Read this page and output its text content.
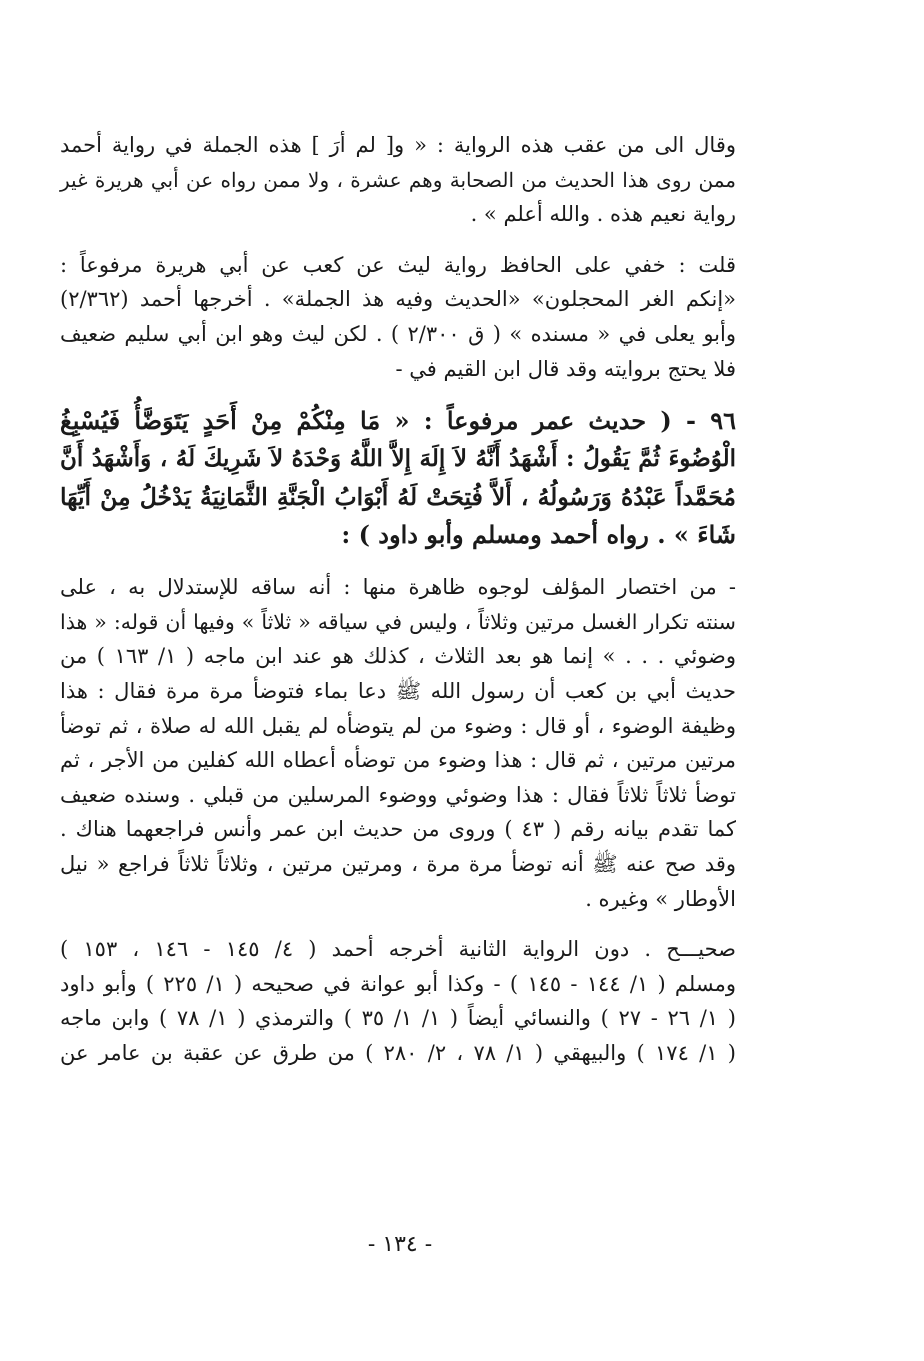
وقال الى من عقب هذه الرواية : « و[ لم أرَ ] هذه الجملة في رواية أحمد
ممن روى هذا الحديث من الصحابة وهم عشرة ، ولا ممن رواه عن أبي هريرة غير
رواية نعيم هذه . والله أعلم » .

قلت : خفي على الحافظ رواية ليث عن كعب عن أبي هريرة مرفوعاً :
«إنكم الغر المحجلون» «الحديث وفيه هذ الجملة» . أخرجها أحمد (٢/٣٦٢)
وأبو يعلى في « مسنده » ( ق ٢/٣٠٠ ) . لكن ليث وهو ابن أبي سليم ضعيف
فلا يحتج بروايته وقد قال ابن القيم في -

٩٦ - ( حديث عمر مرفوعاً : « مَا مِنْكُمْ مِنْ أَحَدٍ يَتَوَضَّأُ فَيُسْبِغُ
الْوُضُوءَ ثُمَّ يَقُولُ : أَشْهَدُ أَنَّهُ لاَ إِلَهَ إِلاَّ اللَّهُ وَحْدَهُ لاَ شَرِيكَ لَهُ ، وَأَشْهَدُ أَنَّ
مُحَمَّداً عَبْدُهُ وَرَسُولُهُ ، أَلاَّ فُتِحَتْ لَهُ أَبْوَابُ الْجَنَّةِ الثَّمَانِيَةُ يَدْخُلُ مِنْ أَيِّهَا
شَاءَ » . رواه أحمد ومسلم وأبو داود ) :

- من اختصار المؤلف لوجوه ظاهرة منها : أنه ساقه للإستدلال به ، على
سنته تكرار الغسل مرتين وثلاثاً ، وليس في سياقه « ثلاثاً » وفيها أن قوله: « هذا
وضوئي . . . » إنما هو بعد الثلاث ، كذلك هو عند ابن ماجه ( ١/ ١٦٣ ) من
حديث أبي بن كعب أن رسول الله ﷺ دعا بماء فتوضأ مرة مرة فقال : هذا
وظيفة الوضوء ، أو قال : وضوء من لم يتوضأه لم يقبل الله له صلاة ، ثم توضأ
مرتين مرتين ، ثم قال : هذا وضوء من توضأه أعطاه الله كفلين من الأجر ، ثم
توضأ ثلاثاً ثلاثاً فقال : هذا وضوئي ووضوء المرسلين من قبلي . وسنده ضعيف
كما تقدم بيانه رقم ( ٤٣ ) وروى من حديث ابن عمر وأنس فراجعهما هناك .
وقد صح عنه ﷺ أنه توضأ مرة مرة ، ومرتين مرتين ، وثلاثاً ثلاثاً فراجع « نيل
الأوطار » وغيره .

صحيـــح . دون الرواية الثانية أخرجه أحمد ( ٤/ ١٤٥ - ١٤٦ ، ١٥٣ )
ومسلم ( ١/ ١٤٤ - ١٤٥ ) - وكذا أبو عوانة في صحيحه ( ١/ ٢٢٥ ) وأبو داود
( ١/ ٢٦ - ٢٧ ) والنسائي أيضاً ( ١/ ١/ ٣٥ ) والترمذي ( ١/ ٧٨ ) وابن ماجه
( ١/ ١٧٤ ) والبيهقي ( ١/ ٧٨ ، ٢/ ٢٨٠ ) من طرق عن عقبة بن عامر عن

- ١٣٤ -
